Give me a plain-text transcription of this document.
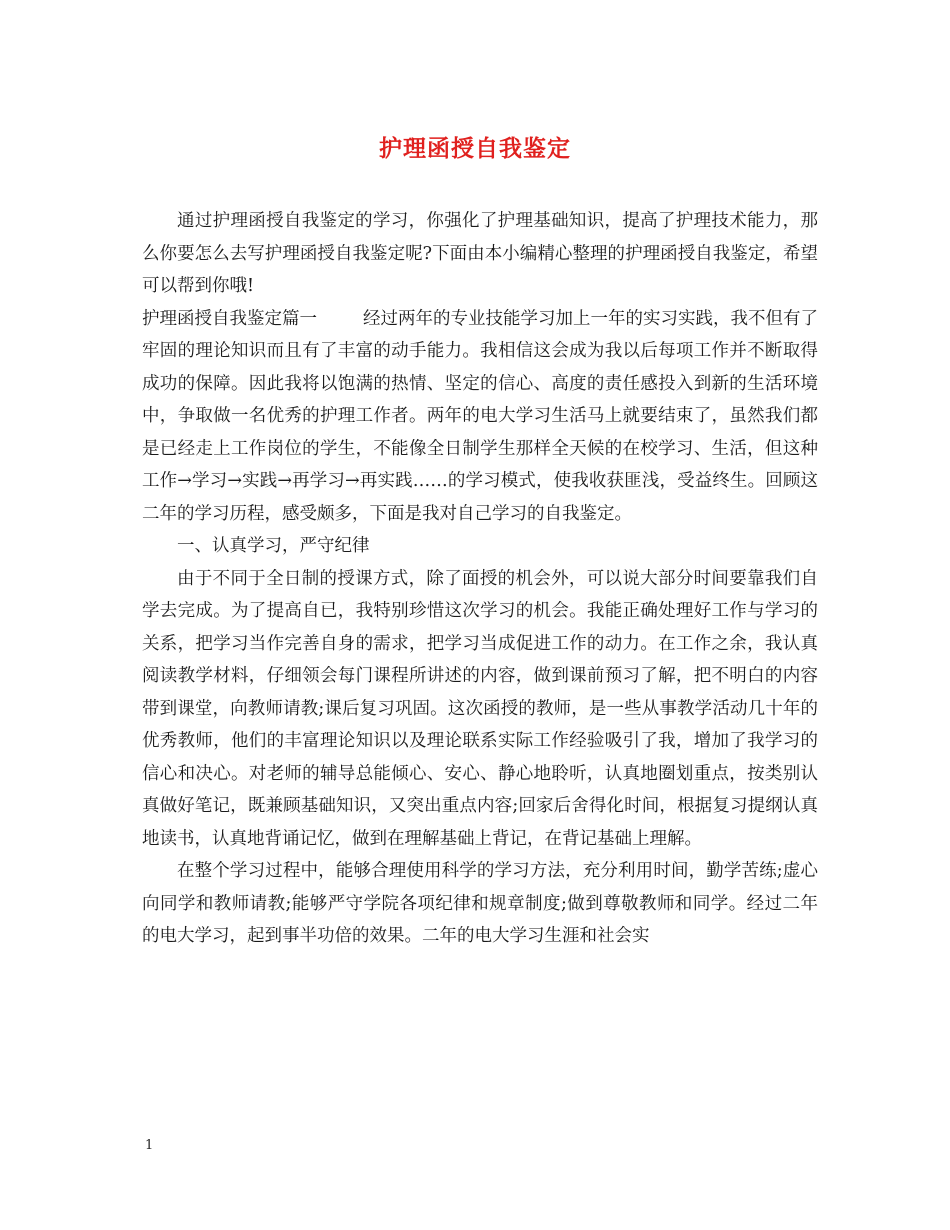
护理函授自我鉴定

通过护理函授自我鉴定的学习，你强化了护理基础知识，提高了护理技术能力，那么你要怎么去写护理函授自我鉴定呢?下面由本小编精心整理的护理函授自我鉴定，希望可以帮到你哦!

护理函授自我鉴定篇一	经过两年的专业技能学习加上一年的实习实践，我不但有了牢固的理论知识而且有了丰富的动手能力。我相信这会成为我以后每项工作并不断取得成功的保障。因此我将以饱满的热情、坚定的信心、高度的责任感投入到新的生活环境中，争取做一名优秀的护理工作者。两年的电大学习生活马上就要结束了，虽然我们都是已经走上工作岗位的学生，不能像全日制学生那样全天候的在校学习、生活，但这种工作→学习→实践→再学习→再实践……的学习模式，使我收获匪浅，受益终生。回顾这二年的学习历程，感受颇多，下面是我对自己学习的自我鉴定。

一、认真学习，严守纪律

由于不同于全日制的授课方式，除了面授的机会外，可以说大部分时间要靠我们自学去完成。为了提高自已，我特别珍惜这次学习的机会。我能正确处理好工作与学习的关系，把学习当作完善自身的需求，把学习当成促进工作的动力。在工作之余，我认真阅读教学材料，仔细领会每门课程所讲述的内容，做到课前预习了解，把不明白的内容带到课堂，向教师请教;课后复习巩固。这次函授的教师，是一些从事教学活动几十年的优秀教师，他们的丰富理论知识以及理论联系实际工作经验吸引了我，增加了我学习的信心和决心。对老师的辅导总能倾心、安心、静心地聆听，认真地圈划重点，按类别认真做好笔记，既兼顾基础知识，又突出重点内容;回家后舍得化时间，根据复习提纲认真地读书，认真地背诵记忆，做到在理解基础上背记，在背记基础上理解。

在整个学习过程中，能够合理使用科学的学习方法，充分利用时间，勤学苦练;虚心向同学和教师请教;能够严守学院各项纪律和规章制度;做到尊敬教师和同学。经过二年的电大学习，起到事半功倍的效果。二年的电大学习生涯和社会实

1
